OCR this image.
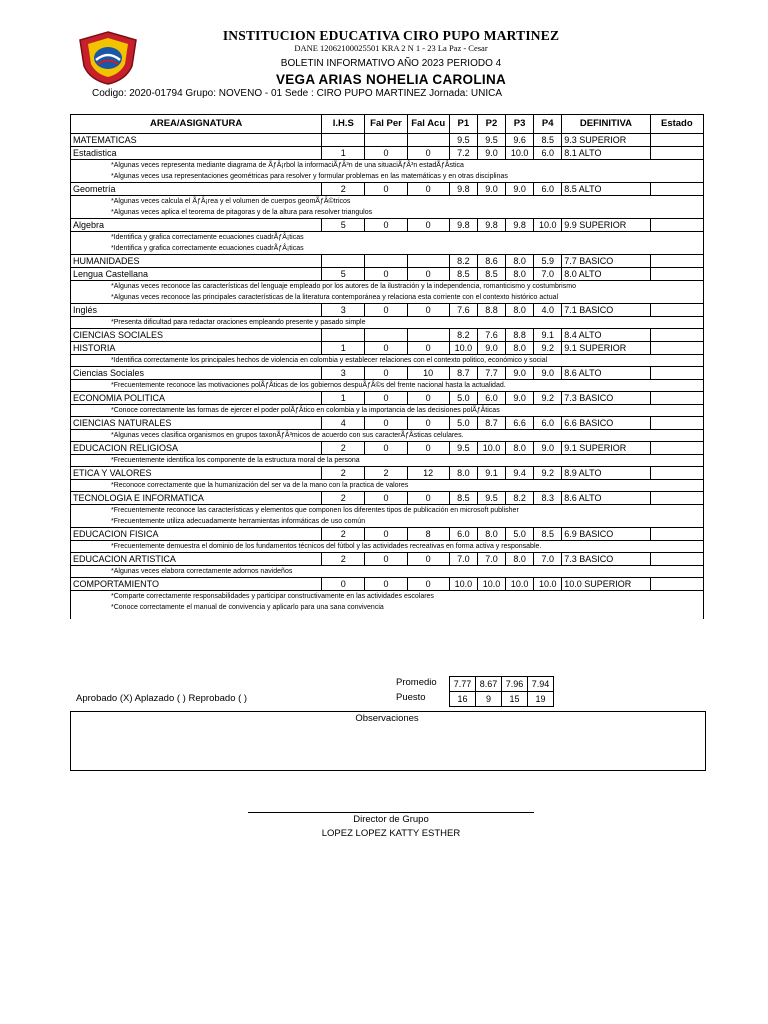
INSTITUCION EDUCATIVA CIRO PUPO MARTINEZ
DANE 12062100025501 KRA 2 N 1 - 23 La Paz - Cesar
BOLETIN INFORMATIVO AÑO 2023 PERIODO 4
VEGA ARIAS NOHELIA CAROLINA
Codigo: 2020-01794 Grupo: NOVENO - 01 Sede : CIRO PUPO MARTINEZ Jornada: UNICA
AREA/ASIGNATURA	I.H.S	Fal Per	Fal Acu	P1	P2	P3	P4	DEFINITIVA	Estado
MATEMATICAS				9.5	9.5	9.6	8.5	9.3 SUPERIOR	
Estadistica	1	0	0	7.2	9.0	10.0	6.0	8.1 ALTO	

*Algunas veces representa mediante diagrama de ÃƒÂ¡rbol la informaciÃƒÂ³n de una situaciÃƒÂ³n estadÃƒÂstica
*Algunas veces usa representaciones geométricas para resolver y formular problemas en las matemáticas y en otras disciplinas									

Geometría	2	0	0	9.8	9.0	9.0	6.0	8.5 ALTO	

*Algunas veces calcula el ÃƒÂ¡rea y el volumen de cuerpos geomÃƒÂ©tricos
*Algunas veces aplica el teorema de pitagoras y de la altura para resolver triangulos									

Algebra	5	0	0	9.8	9.8	9.8	10.0	9.9 SUPERIOR	

*Identifica y grafica correctamente ecuaciones cuadrÃƒÂ¡ticas
*Identifica y grafica correctamente ecuaciones cuadrÃƒÂ¡ticas									

HUMANIDADES				8.2	8.6	8.0	5.9	7.7 BASICO	
Lengua Castellana	5	0	0	8.5	8.5	8.0	7.0	8.0 ALTO	

*Algunas veces reconoce las características del lenguaje empleado por los autores de la ilustración y la independencia, romanticismo y costumbrismo
*Algunas veces reconoce las principales características de la literatura contemporánea y relaciona esta corriente con el contexto histórico actual									

Inglés	3	0	0	7.6	8.8	8.0	4.0	7.1 BASICO	

*Presenta dificultad para redactar oraciones empleando presente y pasado simple									

CIENCIAS SOCIALES				8.2	7.6	8.8	9.1	8.4 ALTO	
HISTORIA	1	0	0	10.0	9.0	8.0	9.2	9.1 SUPERIOR	

*Identifica correctamente los principales hechos de violencia en colombia y establecer relaciones con el contexto politico, económico y social									

Ciencias Sociales	3	0	10	8.7	7.7	9.0	9.0	8.6 ALTO	

*Frecuentemente reconoce las motivaciones polÃƒÂticas de los gobiernos despuÃƒÂ©s del frente nacional hasta la actualidad.									

ECONOMIA POLITICA	1	0	0	5.0	6.0	9.0	9.2	7.3 BASICO	

*Conoce correctamente las formas de ejercer el poder polÃƒÂtico en colombia y la importancia de las decisiones polÃƒÂticas									

CIENCIAS NATURALES	4	0	0	5.0	8.7	6.6	6.0	6.6 BASICO	

*Algunas veces clasifica organismos en grupos taxonÃƒÂ³micos de acuerdo con sus caracterÃƒÂsticas celulares.									

EDUCACION RELIGIOSA	2	0	0	9.5	10.0	8.0	9.0	9.1 SUPERIOR	

*Frecuentemente identifica los componente de la estructura moral de la persona									

ETICA Y VALORES	2	2	12	8.0	9.1	9.4	9.2	8.9 ALTO	

*Reconoce correctamente que la humanización del ser va de la mano con la practica de valores									

TECNOLOGIA E INFORMATICA	2	0	0	8.5	9.5	8.2	8.3	8.6 ALTO	

*Frecuentemente reconoce las características y elementos que componen los diferentes tipos de publicación en microsoft publisher
*Frecuentemente utiliza adecuadamente herramientas informáticas de uso común									

EDUCACION FISICA	2	0	8	6.0	8.0	5.0	8.5	6.9 BASICO	

*Frecuentemente demuestra el dominio de los fundamentos técnicos del fútbol y las actividades recreativas en forma activa y responsable.									

EDUCACION ARTISTICA	2	0	0	7.0	7.0	8.0	7.0	7.3 BASICO	

*Algunas veces elabora correctamente adornos navideños									

COMPORTAMIENTO	0	0	0	10.0	10.0	10.0	10.0	10.0 SUPERIOR	

*Comparte correctamente responsabilidades y participar constructivamente en las actividades escolares
*Conoce correctamente el manual de convivencia y aplicarlo para una sana convivencia									

Promedio
Puesto
7.77	8.67	7.96	7.94
16	9	15	19
Aprobado (X) Aplazado ( ) Reprobado ( )
Observaciones
Director de Grupo
LOPEZ LOPEZ KATTY ESTHER
